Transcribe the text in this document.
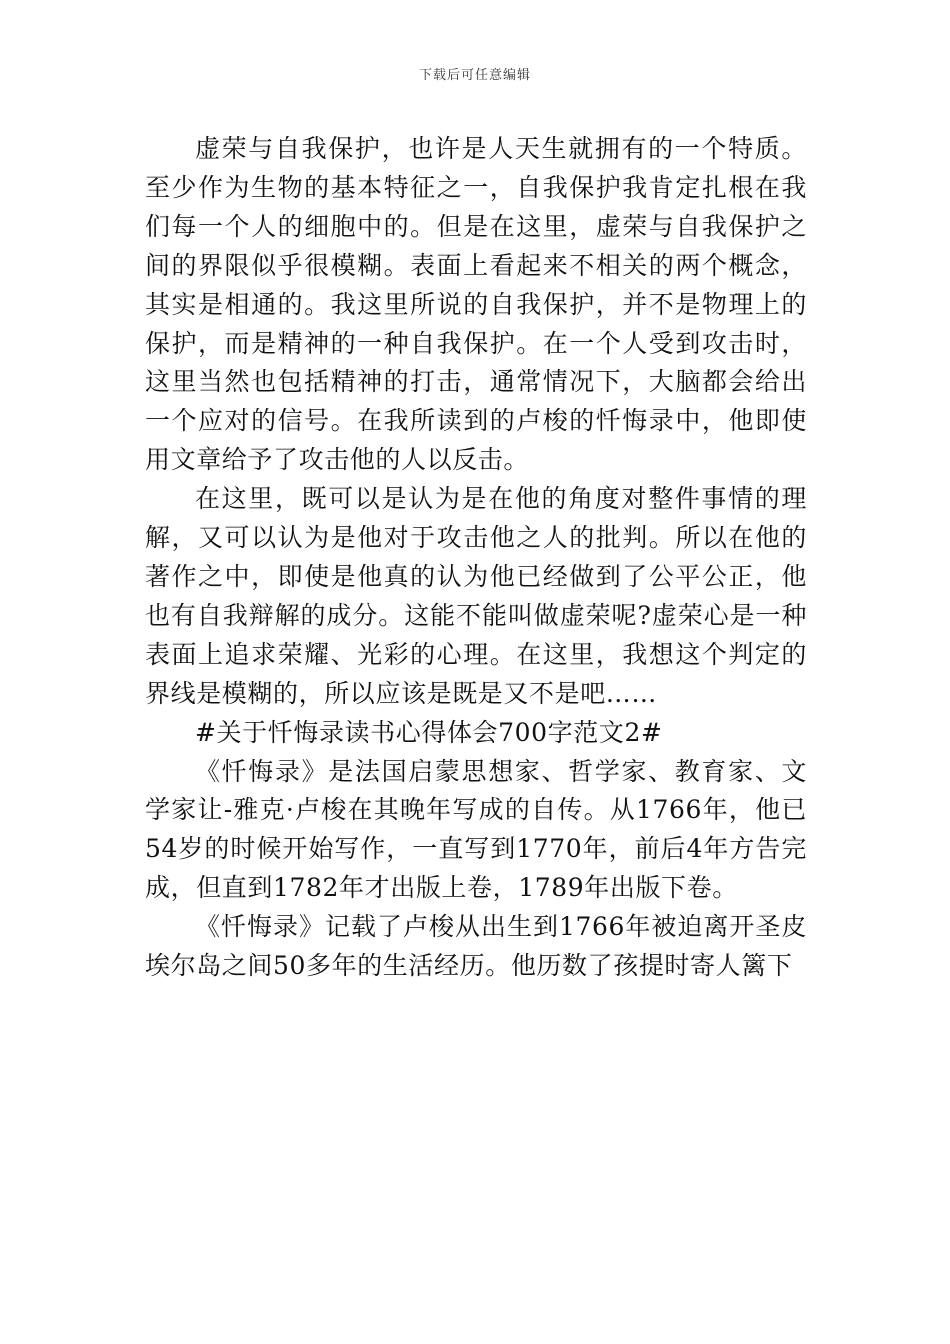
下载后可任意编辑

虚荣与自我保护，也许是人天生就拥有的一个特质。至少作为生物的基本特征之一，自我保护我肯定扎根在我们每一个人的细胞中的。但是在这里，虚荣与自我保护之间的界限似乎很模糊。表面上看起来不相关的两个概念，其实是相通的。我这里所说的自我保护，并不是物理上的保护，而是精神的一种自我保护。在一个人受到攻击时，这里当然也包括精神的打击，通常情况下，大脑都会给出一个应对的信号。在我所读到的卢梭的忏悔录中，他即使用文章给予了攻击他的人以反击。

在这里，既可以是认为是在他的角度对整件事情的理解，又可以认为是他对于攻击他之人的批判。所以在他的著作之中，即使是他真的认为他已经做到了公平公正，他也有自我辩解的成分。这能不能叫做虚荣呢?虚荣心是一种表面上追求荣耀、光彩的心理。在这里，我想这个判定的界线是模糊的，所以应该是既是又不是吧……

#关于忏悔录读书心得体会700字范文2#

《忏悔录》是法国启蒙思想家、哲学家、教育家、文学家让-雅克·卢梭在其晚年写成的自传。从1766年，他已54岁的时候开始写作，一直写到1770年，前后4年方告完成，但直到1782年才出版上卷，1789年出版下卷。

《忏悔录》记载了卢梭从出生到1766年被迫离开圣皮埃尔岛之间50多年的生活经历。他历数了孩提时寄人篱下
